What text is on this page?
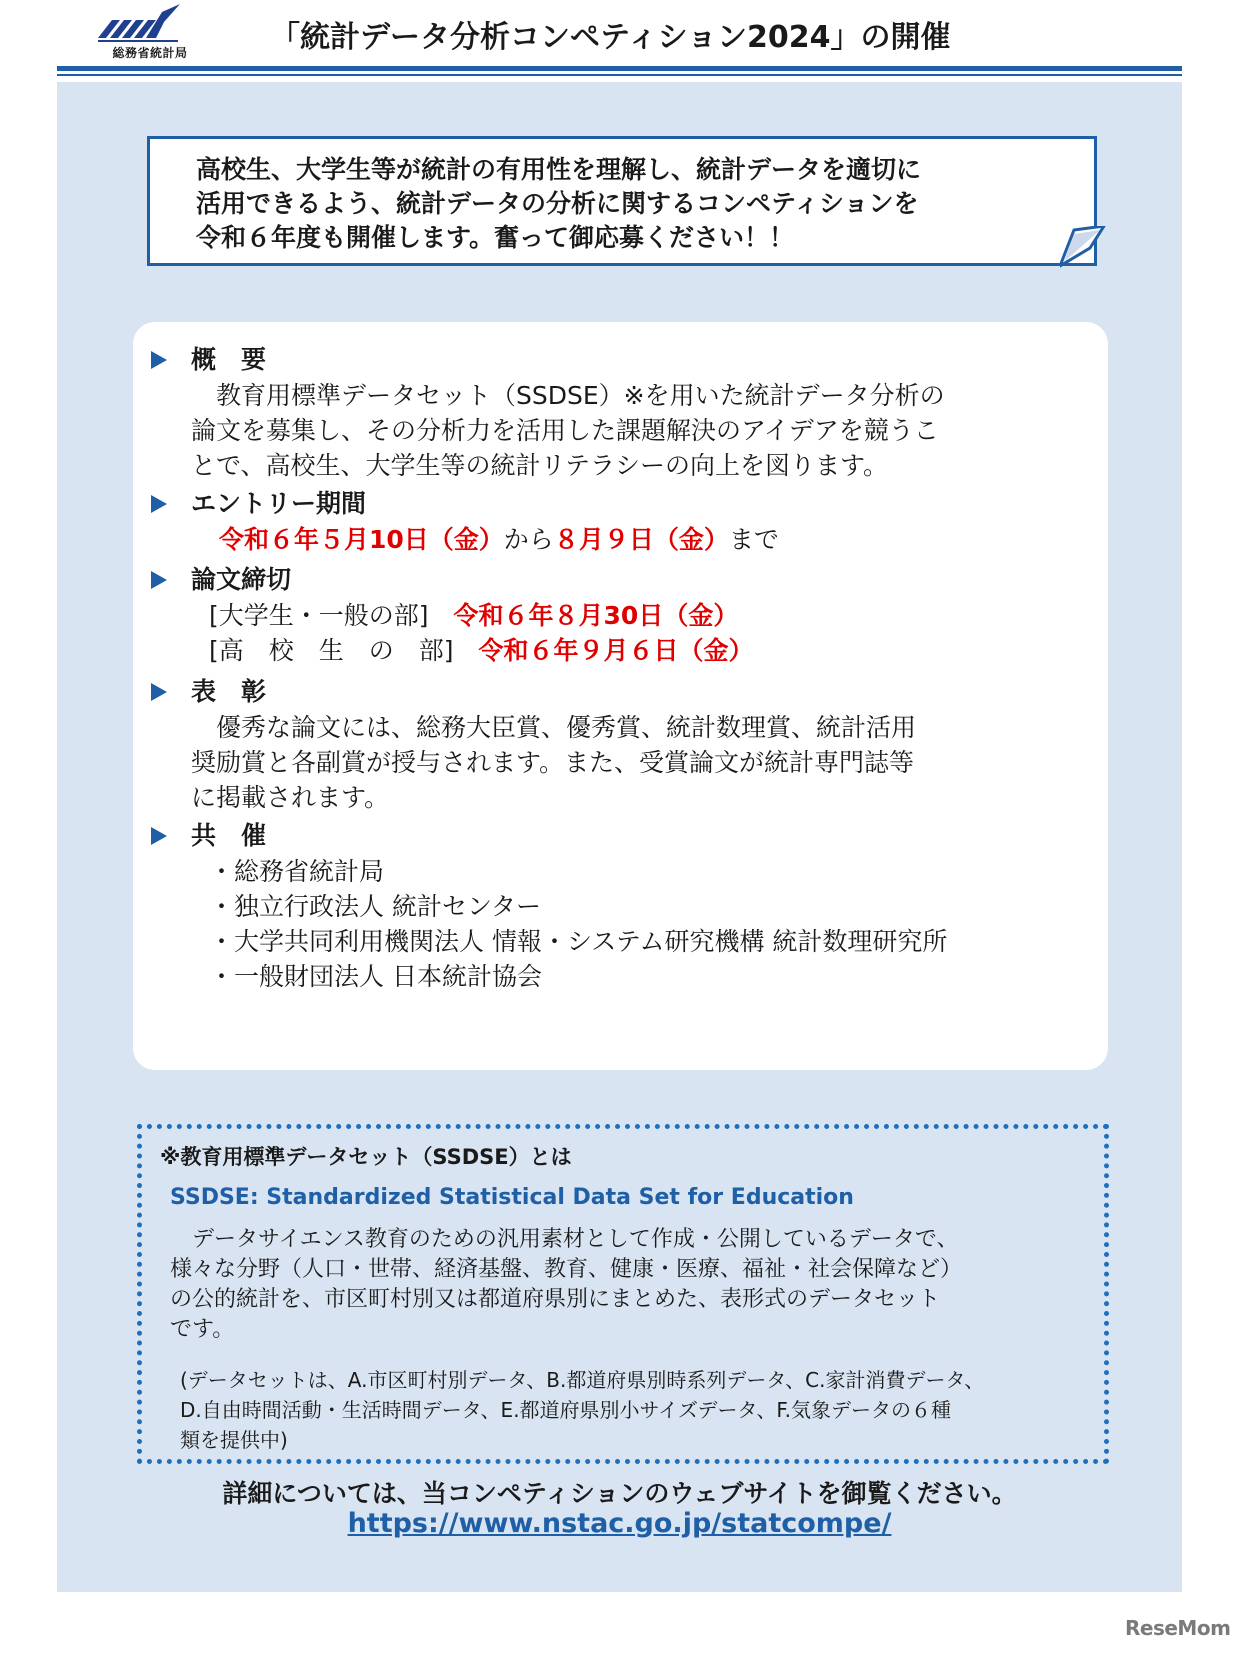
総務省統計局	「統計データ分析コンペティション2024」の開催
高校生、大学生等が統計の有用性を理解し、統計データを適切に
活用できるよう、統計データの分析に関するコンペティションを
令和６年度も開催します。奮って御応募ください！！
概　要
　教育用標準データセット（SSDSE）※を用いた統計データ分析の
論文を募集し、その分析力を活用した課題解決のアイデアを競うこ
とで、高校生、大学生等の統計リテラシーの向上を図ります。
エントリー期間
令和６年５月10日（金）から８月９日（金）まで
論文締切
[大学生・一般の部]　 令和６年８月30日（金）
[高　校　生　の　部]　 令和６年９月６日（金）
表　彰
　優秀な論文には、総務大臣賞、優秀賞、統計数理賞、統計活用
奨励賞と各副賞が授与されます。また、受賞論文が統計専門誌等
に掲載されます。
共　催
・総務省統計局
・独立行政法人 統計センター
・大学共同利用機関法人 情報・システム研究機構 統計数理研究所
・一般財団法人 日本統計協会
※教育用標準データセット（SSDSE）とは
SSDSE: Standardized Statistical Data Set for Education
　データサイエンス教育のための汎用素材として作成・公開しているデータで、
様々な分野（人口・世帯、経済基盤、教育、健康・医療、福祉・社会保障など）
の公的統計を、市区町村別又は都道府県別にまとめた、表形式のデータセット
です。
(データセットは、A.市区町村別データ、B.都道府県別時系列データ、C.家計消費データ、
D.自由時間活動・生活時間データ、E.都道府県別小サイズデータ、F.気象データの６種
類を提供中)
詳細については、当コンペティションのウェブサイトを御覧ください。
https://www.nstac.go.jp/statcompe/
ReseMom
